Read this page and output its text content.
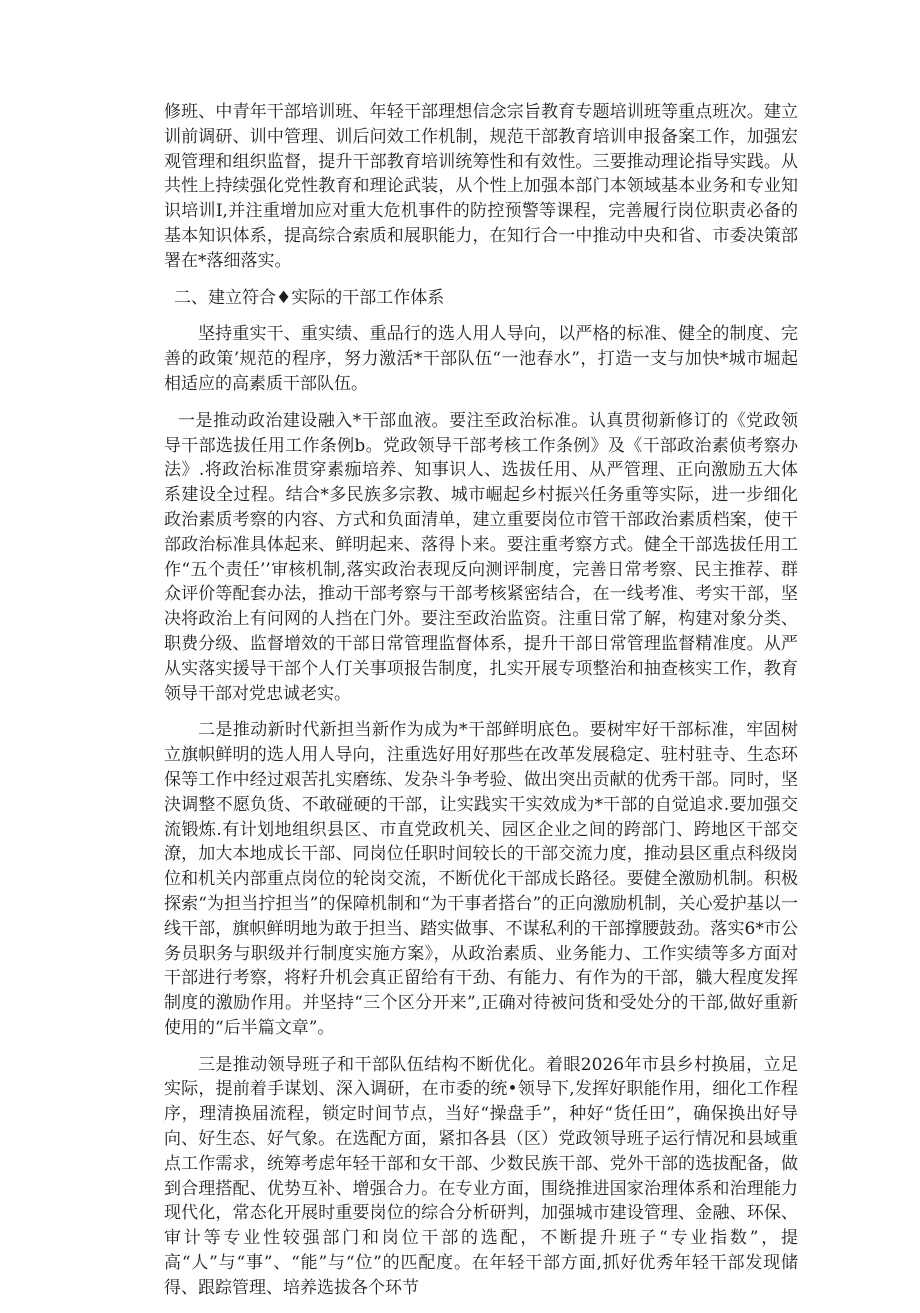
修班、中青年干部培训班、年轻干部理想信念宗旨教育专题培训班等重点班次。建立训前调研、训中管理、训后问效工作机制，规范干部教育培训申报备案工作，加强宏观管理和组织监督，提升干部教育培训统筹性和有效性。三要推动理论指导实践。从共性上持续强化党性教育和理论武装，从个性上加强本部门本领域基本业务和专业知识培训I,并注重增加应对重大危机事件的防控预警等课程，完善履行岗位职责必备的基本知识体系，提高综合索质和展职能力，在知行合一中推动中央和省、市委决策部署在*落细落实。

二、建立符合♦实际的干部工作体系

坚持重实干、重实绩、重品行的选人用人导向，以严格的标准、健全的制度、完善的政策’规范的程序，努力激活*干部队伍“一池春水”，打造一支与加快*城市堀起相适应的高素质干部队伍。

一是推动政治建设融入*干部血液。要注至政治标准。认真贯彻新修订的《党政领导干部选拔任用工作条例b。党政领导干部考核工作条例》及《干部政治素侦考察办法》.将政治标准贯穿素痂培养、知事识人、选拔任用、从严管理、正向激励五大体系建设全过程。结合*多民族多宗教、城市崛起乡村振兴任务重等实际，进一步细化政治素质考察的内容、方式和负面清单，建立重要岗位市管干部政治素质档案，使干部政治标准具体起来、鲜明起来、落得卜来。要注重考察方式。健全干部选拔任用工作“五个责任’’审核机制,落实政治表现反向测评制度，完善日常考察、民主推荐、群众评价等配套办法，推动干部考察与干部考核紧密结合，在一线考准、考实干部，坚决将政治上有问网的人挡在门外。要注至政治监资。注重日常了解，构建对象分类、职费分级、监督增效的干部日常管理监督体系，提升干部日常管理监督精准度。从严从实落实援导干部个人仃关事项报告制度，扎实开展专项整治和抽查核实工作，教育领导干部对党忠诚老实。

二是推动新时代新担当新作为成为*干部鲜明底色。要树牢好干部标准，牢固树立旗帜鲜明的选人用人导向，注重选好用好那些在改革发展稳定、驻村驻寺、生态环保等工作中经过艰苦扎实磨练、发杂斗争考验、做出突出贡献的优秀干部。同时，坚決调整不愿负货、不敢碰硬的干部，让实践实干实效成为*干部的自觉追求.要加强交流锻炼.有计划地组织县区、市直党政机关、园区企业之间的跨部门、跨地区干部交潦，加大本地成长干部、同岗位任职时间较长的干部交流力度，推动县区重点科级岗位和机关内部重点岗位的轮岗交流，不断优化干部成长路径。要健全激励机制。积极探索“为担当拧担当”的保障机制和“为干事者搭台”的正向激励机制，关心爱护基以一线干部，旗帜鲜明地为敢于担当、踏实做事、不谋私利的干部撑腰鼓劲。落实6*市公务员职务与职级并行制度实施方案》，从政治素质、业务能力、工作实绩等多方面对干部进行考察，将籽升机会真正留给有干劲、有能力、有作为的干部，軄大程度发挥制度的激励作用。并坚持“三个区分开来”,正确对待被问货和受处分的干部,做好重新使用的“后半篇文章”。

三是推动领导班子和干部队伍结构不断优化。着眼2026年市县乡村换届，立足实际，提前着手谋划、深入调研，在市委的统•领导下,发挥好职能作用，细化工作程序，理清换届流程，锁定时间节点，当好“操盘手”，种好“货任田”，确保换出好导向、好生态、好气象。在选配方面，紧扣各县（区）党政领导班子运行情况和县域重点工作需求，统筹考虑年轻干部和女干部、少数民族干部、党外干部的选拔配备，做到合理搭配、优势互补、增强合力。在专业方面，围绕推进国家治理体系和治理能力现代化，常态化开展时重要岗位的综合分析研判，加强城市建设管理、金融、环保、审计等专业性较强部门和岗位干部的选配，不断提升班子“专业指数”，提高“人”与“事”、“能”与“位”的匹配度。在年轻干部方面,抓好优秀年轻干部发现储得、跟踪管理、培养选拔各个环节
